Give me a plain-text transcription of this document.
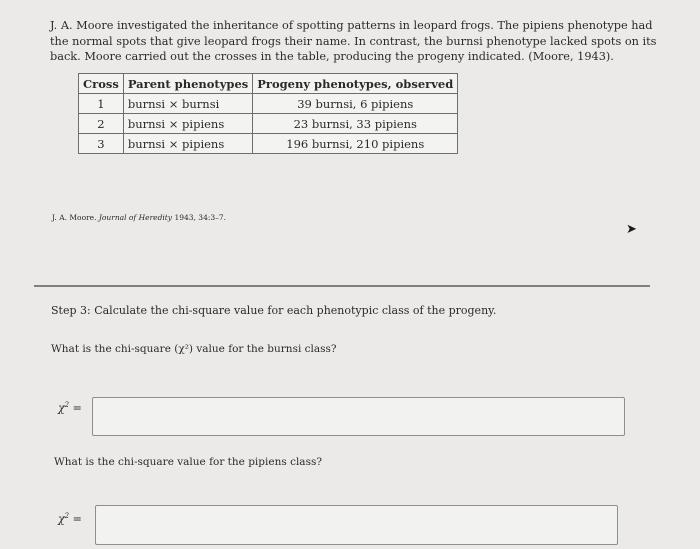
J. A. Moore investigated the inheritance of spotting patterns in leopard frogs. The pipiens phenotype had the normal spots that give leopard frogs their name. In contrast, the burnsi phenotype lacked spots on its back. Moore carried out the crosses in the table, producing the progeny indicated. (Moore, 1943).
Cross	Parent phenotypes	Progeny phenotypes, observed
1	burnsi × burnsi	39 burnsi, 6 pipiens
2	burnsi × pipiens	23 burnsi, 33 pipiens
3	burnsi × pipiens	196 burnsi, 210 pipiens
J. A. Moore. Journal of Heredity 1943, 34:3–7.
➤
Step 3: Calculate the chi-square value for each phenotypic class of the progeny.
What is the chi-square (χ²) value for the burnsi class?
$\chi^2$ =
What is the chi-square value for the pipiens class?
$\chi^2$ =
